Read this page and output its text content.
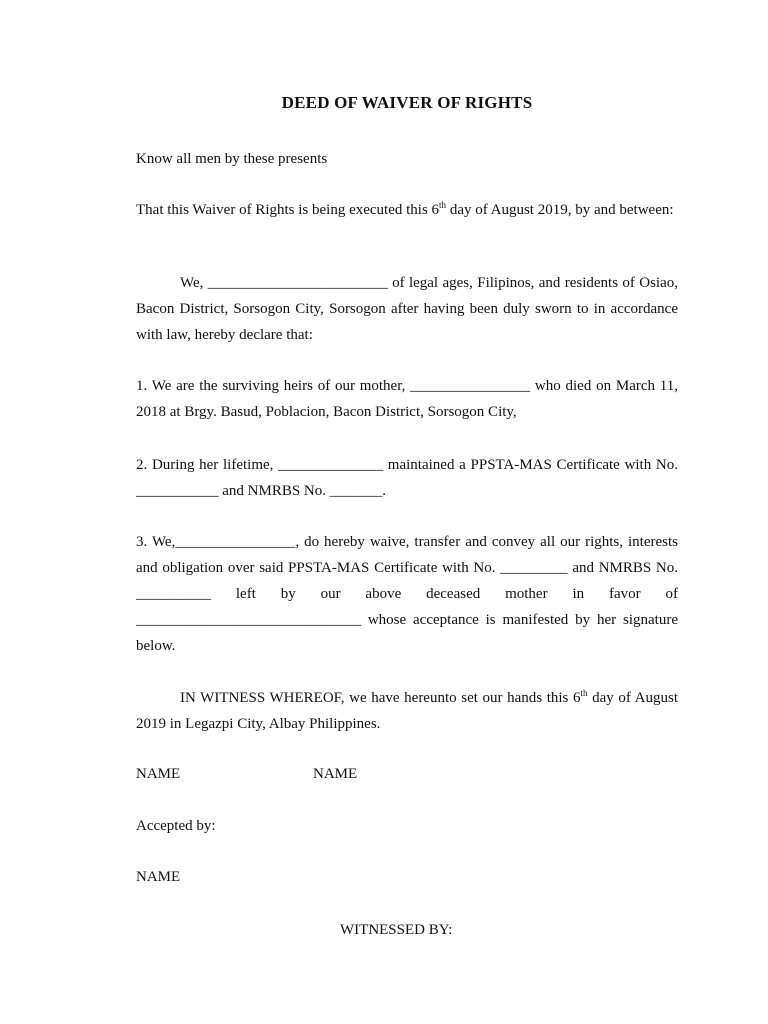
DEED OF WAIVER OF RIGHTS
Know all men by these presents
That this Waiver of Rights is being executed this 6th day of August 2019, by and between:
We, ________________________ of legal ages, Filipinos, and residents of Osiao, Bacon District, Sorsogon City, Sorsogon after having been duly sworn to in accordance with law, hereby declare that:
1. We are the surviving heirs of our mother, ________________ who died on March 11, 2018 at Brgy. Basud, Poblacion, Bacon District, Sorsogon City,
2. During her lifetime, ______________ maintained a PPSTA-MAS Certificate with No. ___________ and NMRBS No. _______.
3. We,________________, do hereby waive, transfer and convey all our rights, interests and obligation over said PPSTA-MAS Certificate with No. _________ and NMRBS No. __________ left by our above deceased mother in favor of ______________________________ whose acceptance is manifested by her signature below.
IN WITNESS WHEREOF, we have hereunto set our hands this 6th day of August 2019 in Legazpi City, Albay Philippines.
NAME	NAME
Accepted by:
NAME
WITNESSED BY:
